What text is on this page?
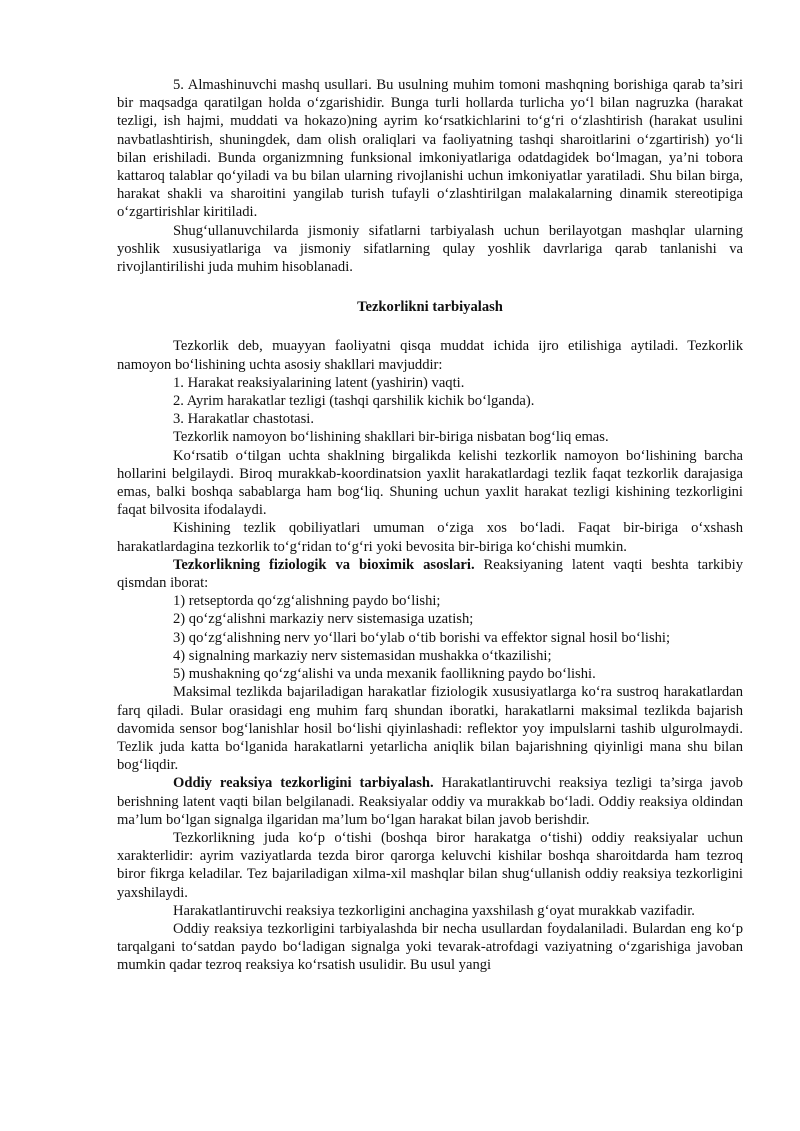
5. Almashinuvchi mashq usullari. Bu usulning muhim tomoni mashqning borishiga qarab ta’siri bir maqsadga qaratilgan holda o‘zgarishidir. Bunga turli hollarda turlicha yo‘l bilan nagruzka (harakat tezligi, ish hajmi, muddati va hokazo)ning ayrim ko‘rsatkichlarini to‘g‘ri o‘zlashtirish (harakat usulini navbatlashtirish, shuningdek, dam olish oraliqlari va faoliyatning tashqi sharoitlarini o‘zgartirish) yo‘li bilan erishiladi. Bunda organizmning funksional imkoniyatlariga odatdagidek bo‘lmagan, ya’ni tobora kattaroq talablar qo‘yiladi va bu bilan ularning rivojlanishi uchun imkoniyatlar yaratiladi. Shu bilan birga, harakat shakli va sharoitini yangilab turish tufayli o‘zlashtirilgan malakalarning dinamik stereotipiga o‘zgartirishlar kiritiladi.

Shug‘ullanuvchilarda jismoniy sifatlarni tarbiyalash uchun berilayotgan mashqlar ularning yoshlik xususiyatlariga va jismoniy sifatlarning qulay yoshlik davrlariga qarab tanlanishi va rivojlantirilishi juda muhim hisoblanadi.

Tezkorlikni tarbiyalash

Tezkorlik deb, muayyan faoliyatni qisqa muddat ichida ijro etilishiga aytiladi. Tezkorlik namoyon bo‘lishining uchta asosiy shakllari mavjuddir:

1. Harakat reaksiyalarining latent (yashirin) vaqti.
2. Ayrim harakatlar tezligi (tashqi qarshilik kichik bo‘lganda).
3. Harakatlar chastotasi.

Tezkorlik namoyon bo‘lishining shakllari bir-biriga nisbatan bog‘liq emas.

Ko‘rsatib o‘tilgan uchta shaklning birgalikda kelishi tezkorlik namoyon bo‘lishining barcha hollarini belgilaydi. Biroq murakkab-koordinatsion yaxlit harakatlardagi tezlik faqat tezkorlik darajasiga emas, balki boshqa sabablarga ham bog‘liq. Shuning uchun yaxlit harakat tezligi kishining tezkorligini faqat bilvosita ifodalaydi.

Kishining tezlik qobiliyatlari umuman o‘ziga xos bo‘ladi. Faqat bir-biriga o‘xshash harakatlardagina tezkorlik to‘g‘ridan to‘g‘ri yoki bevosita bir-biriga ko‘chishi mumkin.

Tezkorlikning fiziologik va bioximik asoslari. Reaksiyaning latent vaqti beshta tarkibiy qismdan iborat:

1) retseptorda qo‘zg‘alishning paydo bo‘lishi;
2) qo‘zg‘alishni markaziy nerv sistemasiga uzatish;
3) qo‘zg‘alishning nerv yo‘llari bo‘ylab o‘tib borishi va effektor signal hosil bo‘lishi;
4) signalning markaziy nerv sistemasidan mushakka o‘tkazilishi;
5) mushakning qo‘zg‘alishi va unda mexanik faollikning paydo bo‘lishi.

Maksimal tezlikda bajariladigan harakatlar fiziologik xususiyatlarga ko‘ra sustroq harakatlardan farq qiladi. Bular orasidagi eng muhim farq shundan iboratki, harakatlarni maksimal tezlikda bajarish davomida sensor bog‘lanishlar hosil bo‘lishi qiyinlashadi: reflektor yoy impulslarni tashib ulgurolmaydi. Tezlik juda katta bo‘lganida harakatlarni yetarlicha aniqlik bilan bajarishning qiyinligi mana shu bilan bog‘liqdir.

Oddiy reaksiya tezkorligini tarbiyalash. Harakatlantiruvchi reaksiya tezligi ta’sirga javob berishning latent vaqti bilan belgilanadi. Reaksiyalar oddiy va murakkab bo‘ladi. Oddiy reaksiya oldindan ma’lum bo‘lgan signalga ilgaridan ma’lum bo‘lgan harakat bilan javob berishdir.

Tezkorlikning juda ko‘p o‘tishi (boshqa biror harakatga o‘tishi) oddiy reaksiyalar uchun xarakterlidir: ayrim vaziyatlarda tezda biror qarorga keluvchi kishilar boshqa sharoitdarda ham tezroq biror fikrga keladilar. Tez bajariladigan xilma-xil mashqlar bilan shug‘ullanish oddiy reaksiya tezkorligini yaxshilaydi.

Harakatlantiruvchi reaksiya tezkorligini anchagina yaxshilash g‘oyat murakkab vazifadir.

Oddiy reaksiya tezkorligini tarbiyalashda bir necha usullardan foydalaniladi. Bulardan eng ko‘p tarqalgani to‘satdan paydo bo‘ladigan signalga yoki tevarak-atrofdagi vaziyatning o‘zgarishiga javoban mumkin qadar tezroq reaksiya ko‘rsatish usulidir. Bu usul yangi
